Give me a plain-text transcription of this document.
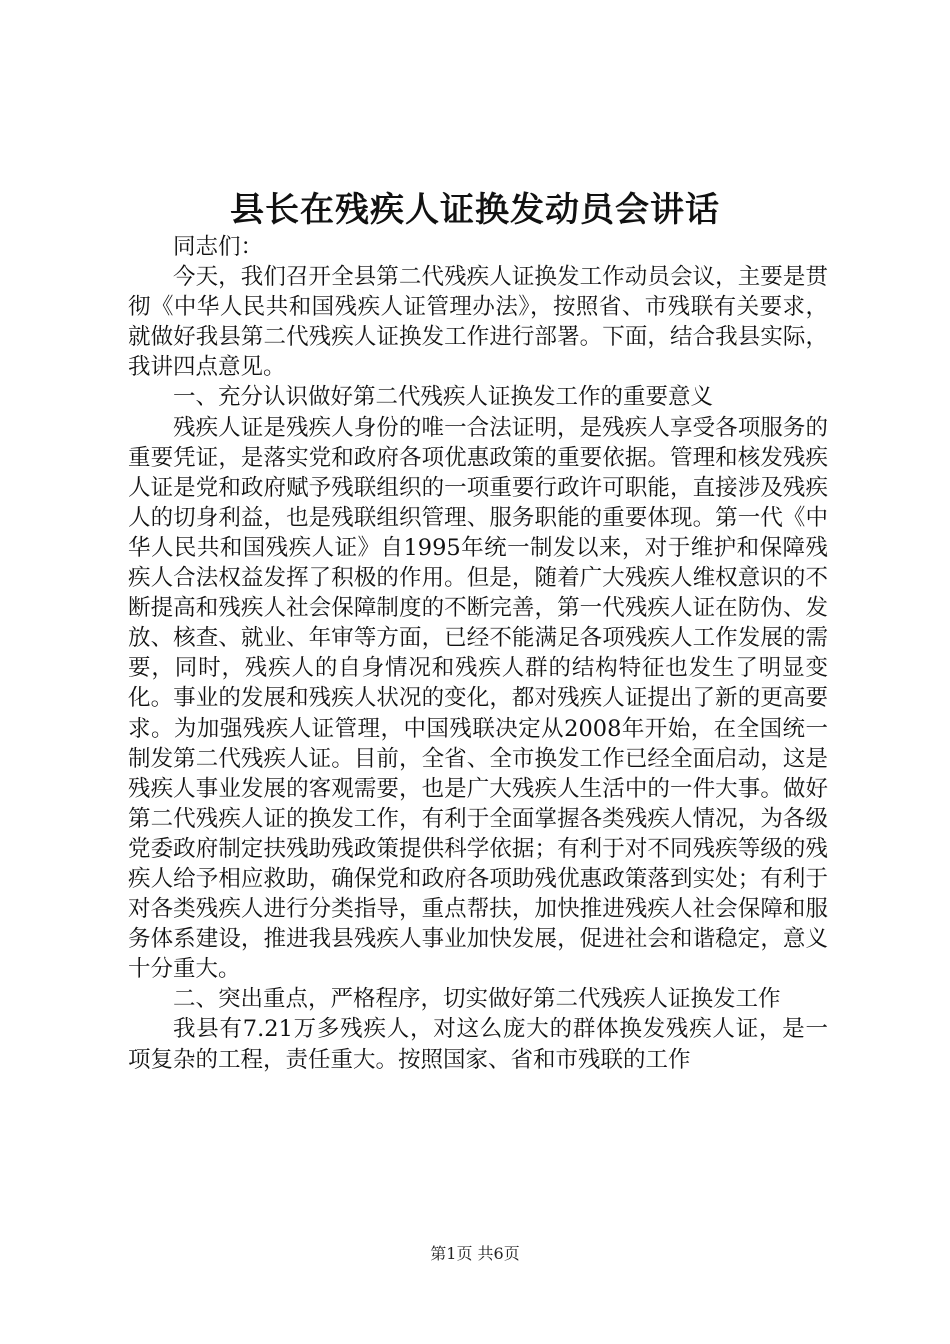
县长在残疾人证换发动员会讲话

同志们：

今天，我们召开全县第二代残疾人证换发工作动员会议，主要是贯彻《中华人民共和国残疾人证管理办法》，按照省、市残联有关要求，就做好我县第二代残疾人证换发工作进行部署。下面，结合我县实际，我讲四点意见。

一、充分认识做好第二代残疾人证换发工作的重要意义

残疾人证是残疾人身份的唯一合法证明，是残疾人享受各项服务的重要凭证，是落实党和政府各项优惠政策的重要依据。管理和核发残疾人证是党和政府赋予残联组织的一项重要行政许可职能，直接涉及残疾人的切身利益，也是残联组织管理、服务职能的重要体现。第一代《中华人民共和国残疾人证》自1995年统一制发以来，对于维护和保障残疾人合法权益发挥了积极的作用。但是，随着广大残疾人维权意识的不断提高和残疾人社会保障制度的不断完善，第一代残疾人证在防伪、发放、核查、就业、年审等方面，已经不能满足各项残疾人工作发展的需要，同时，残疾人的自身情况和残疾人群的结构特征也发生了明显变化。事业的发展和残疾人状况的变化，都对残疾人证提出了新的更高要求。为加强残疾人证管理，中国残联决定从2008年开始，在全国统一制发第二代残疾人证。目前，全省、全市换发工作已经全面启动，这是残疾人事业发展的客观需要，也是广大残疾人生活中的一件大事。做好第二代残疾人证的换发工作，有利于全面掌握各类残疾人情况，为各级党委政府制定扶残助残政策提供科学依据；有利于对不同残疾等级的残疾人给予相应救助，确保党和政府各项助残优惠政策落到实处；有利于对各类残疾人进行分类指导，重点帮扶，加快推进残疾人社会保障和服务体系建设，推进我县残疾人事业加快发展，促进社会和谐稳定，意义十分重大。

二、突出重点，严格程序，切实做好第二代残疾人证换发工作

我县有7.21万多残疾人，对这么庞大的群体换发残疾人证，是一项复杂的工程，责任重大。按照国家、省和市残联的工作

第1页 共6页
